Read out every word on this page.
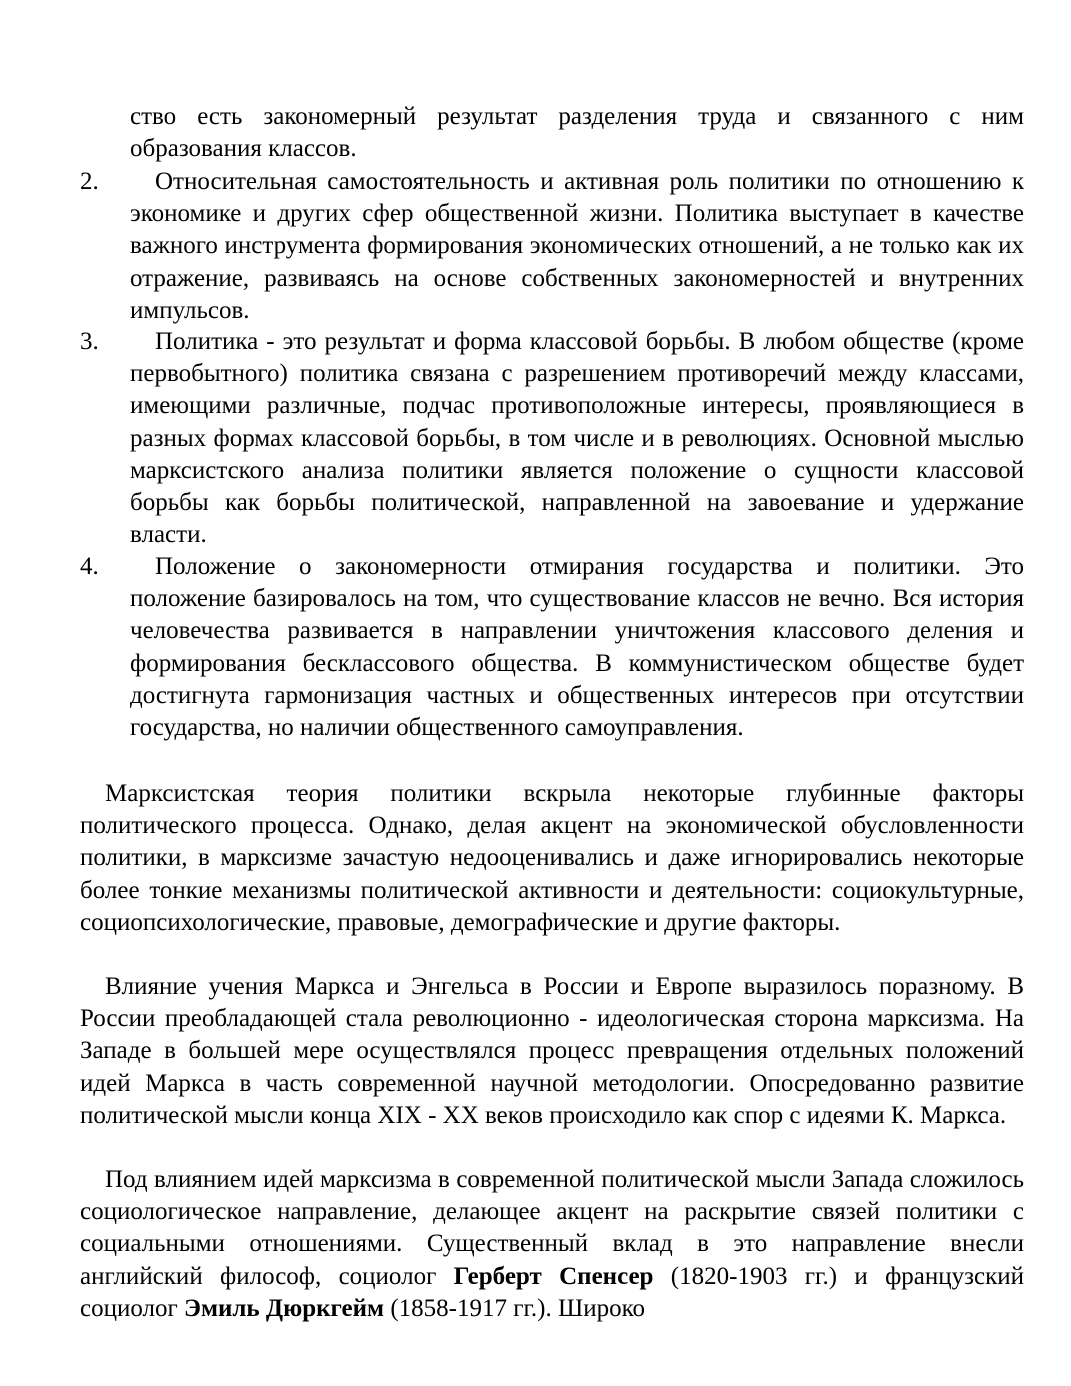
ство есть закономерный результат разделения труда и связанного с ним образования классов.
2.	Относительная самостоятельность и активная роль политики по отношению к экономике и других сфер общественной жизни. Политика выступает в качестве важного инструмента формирования экономических отношений, а не только как их отражение, развиваясь на основе собственных закономерностей и внутренних импульсов.
3.	Политика - это результат и форма классовой борьбы. В любом обществе (кроме первобытного) политика связана с разрешением противоречий между классами, имеющими различные, подчас противоположные интересы, проявляющиеся в разных формах классовой борьбы, в том числе и в революциях. Основной мыслью марксистского анализа политики является положение о сущности классовой борьбы как борьбы политической, направленной на завоевание и удержание власти.
4.	Положение о закономерности отмирания государства и политики. Это положение базировалось на том, что существование классов не вечно. Вся история человечества развивается в направлении уничтожения классового деления и формирования бесклассового общества. В коммунистическом обществе будет достигнута гармонизация частных и общественных интересов при отсутствии государства, но наличии общественного самоуправления.
Марксистская теория политики вскрыла некоторые глубинные факторы политического процесса. Однако, делая акцент на экономической обусловленности политики, в марксизме зачастую недооценивались и даже игнорировались некоторые более тонкие механизмы политической активности и деятельности: социокультурные, социопсихологические, правовые, демографические и другие факторы.
Влияние учения Маркса и Энгельса в России и Европе выразилось поразному. В России преобладающей стала революционно - идеологическая сторона марксизма. На Западе в большей мере осуществлялся процесс превращения отдельных положений идей Маркса в часть современной научной методологии. Опосредованно развитие политической мысли конца XIX - XX веков происходило как спор с идеями К. Маркса.
Под влиянием идей марксизма в современной политической мысли Запада сложилось социологическое направление, делающее акцент на раскрытие связей политики с социальными отношениями. Существенный вклад в это направление внесли английский философ, социолог Герберт Спенсер (1820-1903 гг.) и французский социолог Эмиль Дюркгейм (1858-1917 гг.). Широко
